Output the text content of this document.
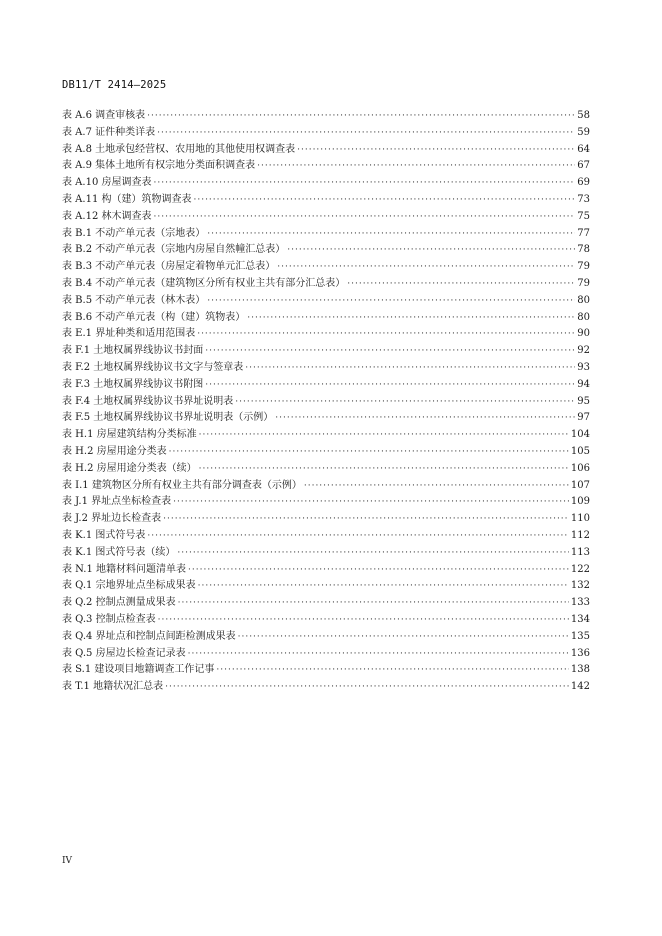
DB11/T 2414—2025
表 A.6 调查审核表 ·····	58
表 A.7 证件种类详表 ·····	59
表 A.8 土地承包经营权、农用地的其他使用权调查表 ·····	64
表 A.9 集体土地所有权宗地分类面积调查表 ·····	67
表 A.10 房屋调查表 ·····	69
表 A.11 构（建）筑物调查表 ·····	73
表 A.12 林木调查表 ·····	75
表 B.1 不动产单元表（宗地表） ·····	77
表 B.2 不动产单元表（宗地内房屋自然幢汇总表） ·····	78
表 B.3 不动产单元表（房屋定着物单元汇总表） ·····	79
表 B.4 不动产单元表（建筑物区分所有权业主共有部分汇总表） ·····	79
表 B.5 不动产单元表（林木表） ·····	80
表 B.6 不动产单元表（构（建）筑物表） ·····	80
表 E.1 界址种类和适用范围表 ·····	90
表 F.1 土地权属界线协议书封面 ·····	92
表 F.2 土地权属界线协议书文字与签章表 ·····	93
表 F.3 土地权属界线协议书附图 ·····	94
表 F.4 土地权属界线协议书界址说明表 ·····	95
表 F.5 土地权属界线协议书界址说明表（示例） ·····	97
表 H.1 房屋建筑结构分类标准 ·····	104
表 H.2 房屋用途分类表 ·····	105
表 H.2 房屋用途分类表（续） ·····	106
表 I.1 建筑物区分所有权业主共有部分调查表（示例） ·····	107
表 J.1 界址点坐标检查表 ·····	109
表 J.2 界址边长检查表 ·····	110
表 K.1 图式符号表 ·····	112
表 K.1 图式符号表（续） ·····	113
表 N.1 地籍材料问题清单表 ·····	122
表 Q.1 宗地界址点坐标成果表 ·····	132
表 Q.2 控制点测量成果表 ·····	133
表 Q.3 控制点检查表 ·····	134
表 Q.4 界址点和控制点间距检测成果表 ·····	135
表 Q.5 房屋边长检查记录表 ·····	136
表 S.1 建设项目地籍调查工作记事 ·····	138
表 T.1 地籍状况汇总表 ·····	142
IV
